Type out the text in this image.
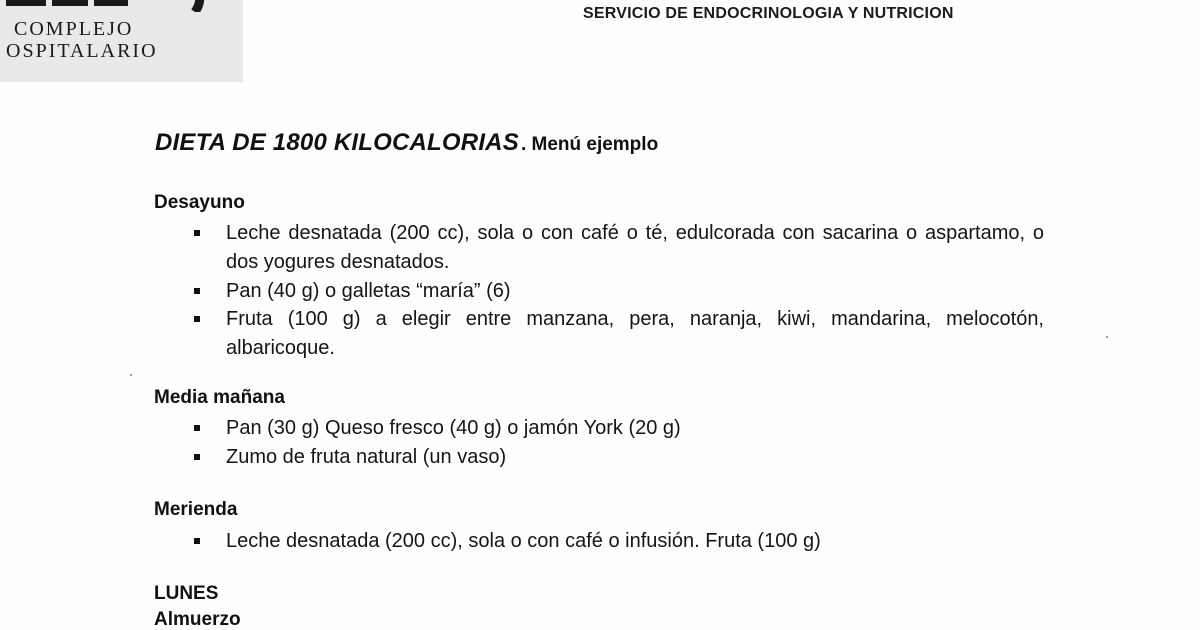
COMPLEJO
OSPITALARIO
SERVICIO DE ENDOCRINOLOGIA Y NUTRICION
DIETA DE 1800 KILOCALORIAS . Menú ejemplo
Desayuno
Leche desnatada (200 cc), sola o con café o té, edulcorada con sacarina o aspartamo, o dos yogures desnatados.
Pan (40 g) o galletas “maría” (6)
Fruta (100 g) a elegir entre manzana, pera, naranja, kiwi, mandarina, melocotón, albaricoque.
Media mañana
Pan (30 g) Queso fresco (40 g) o jamón York (20 g)
Zumo de fruta natural (un vaso)
Merienda
Leche desnatada (200 cc), sola o con café o infusión. Fruta (100 g)
LUNES
Almuerzo
